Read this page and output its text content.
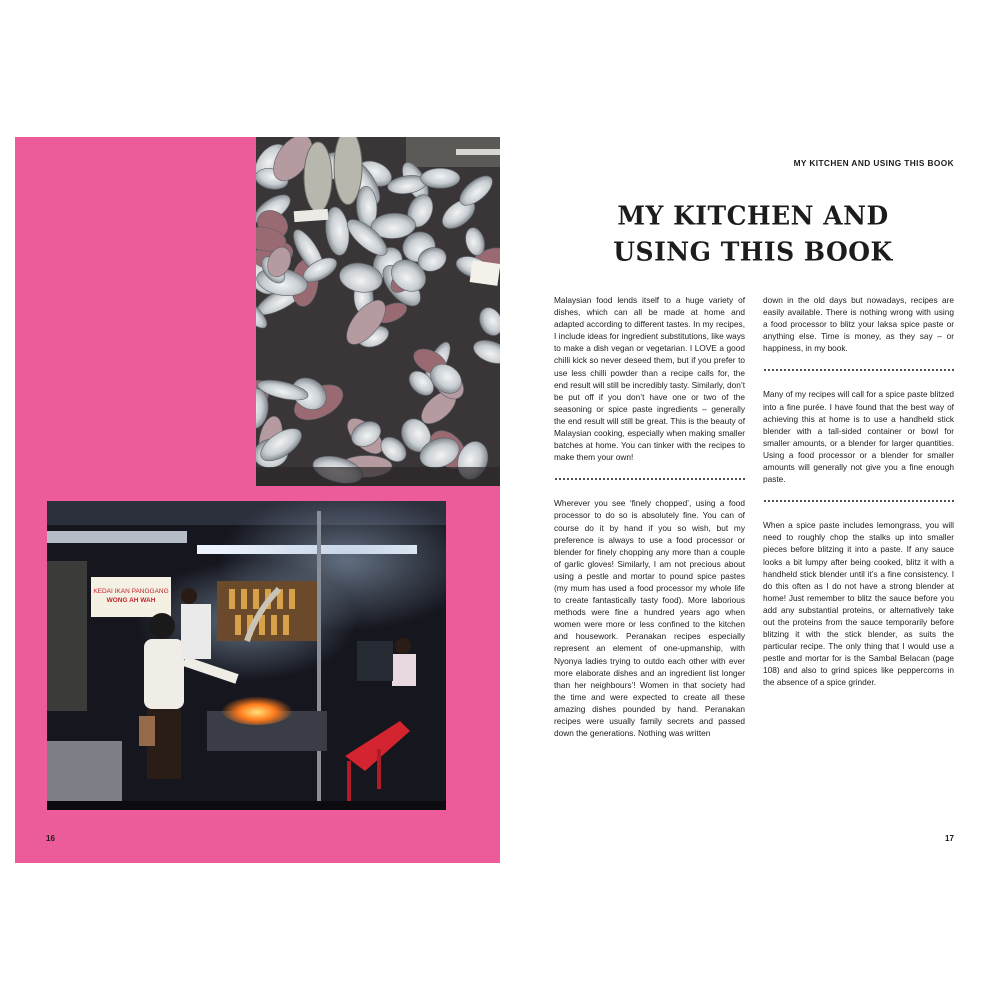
KEDAI IKAN PANGGANG
WONG AH WAH
16
MY KITCHEN AND USING THIS BOOK
MY KITCHEN AND
USING THIS BOOK

Malaysian food lends itself to a huge variety of dishes, which can all be made at home and adapted according to different tastes. In my recipes, I include ideas for ingredient substitutions, like ways to make a dish vegan or vegetarian. I LOVE a good chilli kick so never deseed them, but if you prefer to use less chilli powder than a recipe calls for, the end result will still be incredibly tasty. Similarly, don’t be put off if you don’t have one or two of the seasoning or spice paste ingredients – generally the end result will still be great. This is the beauty of Malaysian cooking, especially when making smaller batches at home. You can tinker with the recipes to make them your own!

Wherever you see ‘finely chopped’, using a food processor to do so is absolutely fine. You can of course do it by hand if you so wish, but my preference is always to use a food processor or blender for finely chopping any more than a couple of garlic gloves! Similarly, I am not precious about using a pestle and mortar to pound spice pastes (my mum has used a food processor my whole life to create fantastically tasty food). More laborious methods were fine a hundred years ago when women were more or less confined to the kitchen and housework. Peranakan recipes especially represent an element of one-upmanship, with Nyonya ladies trying to outdo each other with ever more elaborate dishes and an ingredient list longer than her neighbours’! Women in that society had the time and were expected to create all these amazing dishes pounded by hand. Peranakan recipes were usually family secrets and passed down the generations. Nothing was written

down in the old days but nowadays, recipes are easily available. There is nothing wrong with using a food processor to blitz your laksa spice paste or anything else. Time is money, as they say – or happiness, in my book.

Many of my recipes will call for a spice paste blitzed into a fine purée. I have found that the best way of achieving this at home is to use a handheld stick blender with a tall-sided container or bowl for smaller amounts, or a blender for larger quantities. Using a food processor or a blender for smaller amounts will generally not give you a fine enough paste.

When a spice paste includes lemongrass, you will need to roughly chop the stalks up into smaller pieces before blitzing it into a paste. If any sauce looks a bit lumpy after being cooked, blitz it with a handheld stick blender until it’s a fine consistency. I do this often as I do not have a strong blender at home! Just remember to blitz the sauce before you add any substantial proteins, or alternatively take out the proteins from the sauce temporarily before blitzing it with the stick blender, as suits the particular recipe. The only thing that I would use a pestle and mortar for is the Sambal Belacan (page 108) and also to grind spices like peppercorns in the absence of a spice grinder.

17
